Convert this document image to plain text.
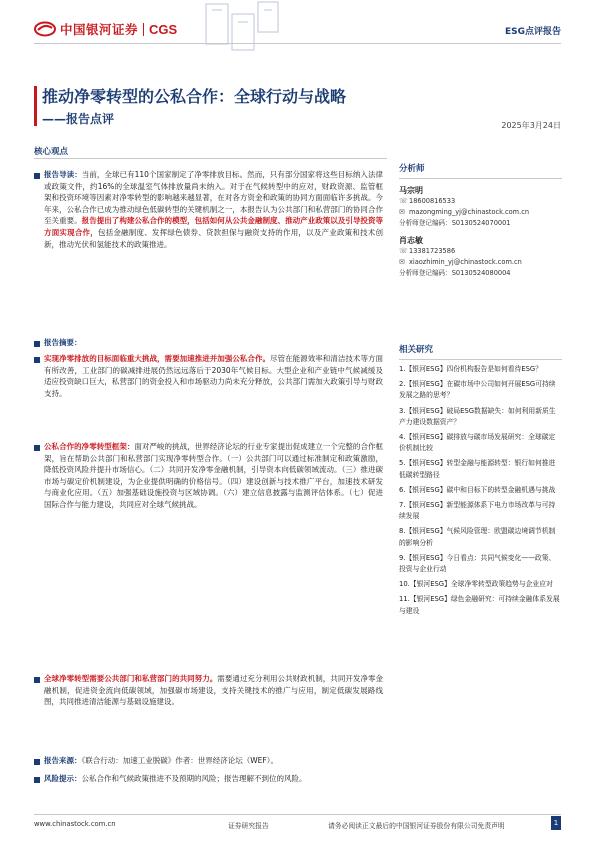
中国银河证券 CGS	ESG点评报告
推动净零转型的公私合作：全球行动与战略
——报告点评	2025年3月24日
核心观点
报告导读：当前，全球已有110个国家制定了净零排放目标。然而，只有部分国家将这些目标纳入法律或政策文件，约16%的全球温室气体排放量尚未纳入。对于在气候转型中的应对，财政资源、监管框架和投资环境等因素对净零转型的影响越来越显著，在对各方资金和政策的协同方面面临许多挑战。今年来，公私合作已成为推动绿色低碳转型的关键机制之一，本报告认为公共部门和私营部门的协同合作至关重要。报告提出了构建公私合作的模型，包括如何从公共金融制度、推动产业政策以及引导投资等方面实现合作，包括金融制度、发挥绿色债券、贷款担保与融资支持的作用，以及产业政策和技术创新，推动光伏和氢能技术的政策推进。
报告摘要：
实现净零排放的目标面临重大挑战，需要加速推进并加强公私合作。尽管在能源效率和清洁技术等方面有所改善，工业部门的碳减排进展仍然远远落后于2030年气候目标。大型企业和产业链中气候减缓及适应投资缺口巨大，私营部门的资金投入和市场驱动力尚未充分释放，公共部门需加大政策引导与财政支持。
公私合作的净零转型框架：面对严峻的挑战，世界经济论坛的行业专家提出促成建立一个完整的合作框架，旨在帮助公共部门和私营部门实现净零转型合作。（一）公共部门可以通过标准制定和政策激励，降低投资风险并提升市场信心。（二）共同开发净零金融机制，引导资本向低碳领域流动。（三）推进碳市场与碳定价机制建设，为企业提供明确的价格信号。（四）建设创新与技术推广平台，加速技术研发与商业化应用。（五）加强基础设施投资与区域协调。（六）建立信息披露与监测评估体系。（七）促进国际合作与能力建设，共同应对全球气候挑战。
全球净零转型需要公共部门和私营部门的共同努力。需要通过充分利用公共财政机制，共同开发净零金融机制，促进资金流向低碳领域，加强碳市场建设，支持关键技术的推广与应用，制定低碳发展路线图，共同推进清洁能源与基础设施建设。
报告来源：《联合行动：加速工业脱碳》作者：世界经济论坛（WEF）。
风险提示：公私合作和气候政策推进不及预期的风险；报告理解不到位的风险。
分析师
马宗明
☏ 18600816533
✉ mazongming_yj@chinastock.com.cn
分析师登记编码：S0130524070001
肖志敏
☏ 13381723586
✉ xiaozhimin_yj@chinastock.com.cn
分析师登记编码：S0130524080004
相关研究
1.【银河ESG】四份机构报告是如何看待ESG？
2.【银河ESG】在碳市场中公司如何开展ESG可持续发展之路的思考？
3.【银河ESG】破局ESG数据缺失：如何利用新质生产力建设数据资产？
4.【银河ESG】碳排放与碳市场发展研究：全球碳定价机制比较
5.【银河ESG】转型金融与能源转型：银行如何推进低碳转型路径
6.【银河ESG】碳中和目标下的转型金融机遇与挑战
7.【银河ESG】新型能源体系下电力市场改革与可持续发展
8.【银河ESG】气候风险管理：欧盟碳边境调节机制的影响分析
9.【银河ESG】今日看点：共同气候变化——政策、投资与企业行动
10.【银河ESG】全球净零转型政策趋势与企业应对
11.【银河ESG】绿色金融研究：可持续金融体系发展与建设
www.chinastock.com.cn	证券研究报告	请务必阅读正文最后的中国银河证券股份有限公司免责声明	1
